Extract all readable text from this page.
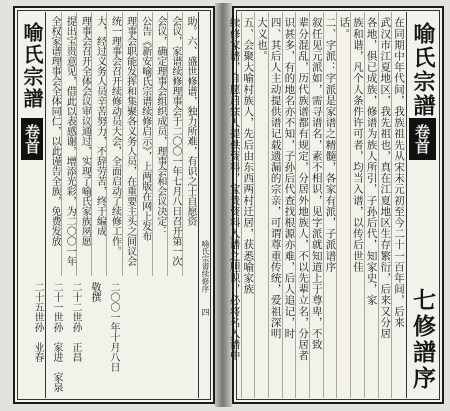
喻氏宗譜
卷首	助。六、盛世修谱，独力所难，有识之士自愿资
会议，家谱续修理事会于二〇〇一年七月八日召开第一次
会议，确定理事会组织成员，理事会和会议决定：
公告《新安喻氏宗谱续修启示》，上两版在网上发布
理事会职能发挥和集聚各义务人员，在重要主头之间议会
统一理事会召开续修动员大会，全面启动了续修工作。
大，经过义务人员辛苦努力，不辞劳苦，终于编成
理事会召开全体会议审议通过，实现了喻氏家族夙愿
提出宝贵意见，借此以表感谢，增添光彩，为二〇〇一年
全权家谱理事会全体同仁，以此谨告全族，免费发放
二〇〇一年十月八日
敬撰
二十二世孙　正昌
二十一世孙　家进　家泉
二十五世孙　业春
喻氏宗谱续修序
四	在同期中年代间，我族祖先从宋末元初至今二十一百年间，后来
武汉市江夏地区，我先祖也，真在江夏地区生存繁衍，后来又分居
各地，俱已成族，修谱为族人所引，子孙后代，知家史，家
族和谐，凡个人条件许可者，均当入谱，以传后世佳
话。
二、字派：字派是家谱之精髓，各家有派，子派谱序
叙任见元派如，需寻谱名，素不相识，见字派就知道上于尊卑，不致
辈分混乱，历代族谱都有规定，分居外地族人，不以先辈立名，分居者
识甚多，有的地名亦不知，子孙后代查找根源亦难，后人追记，时
四、其后人主动提供谱记载遗漏的宗亲，可谓尊重传统，爱祖深明
大义也。
五、会聚大喻村族人，先后由东西两村迁居，获悉喻家族
续修家谱，自愿启宗人提供资料，宝贵资料入谱之胆识，必将名入谱中	喻氏宗譜
卷首
七修譜序
